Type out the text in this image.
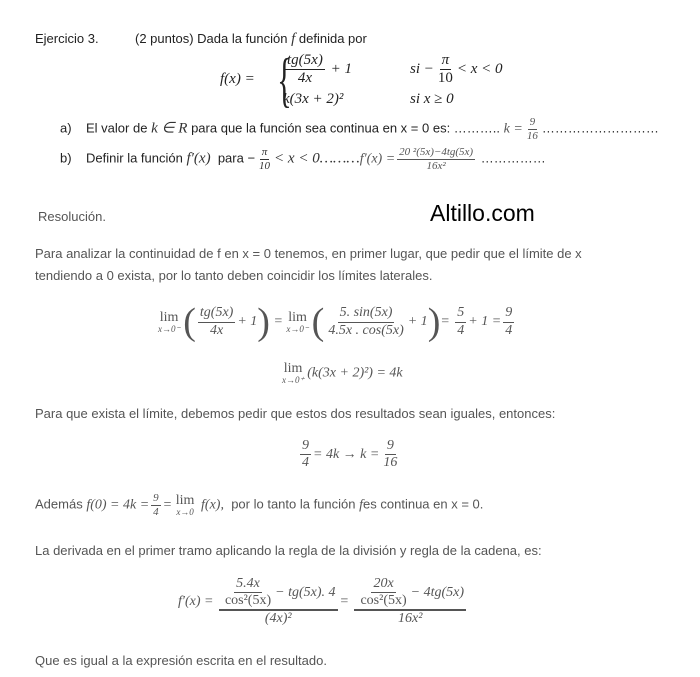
Ejercicio 3.	(2 puntos) Dada la función f definida por
f(x) = {
$\frac{tg(5x)}{4x} + 1$	si − $\frac{\pi}{10} < x < 0$
k(3x + 2)²	si x ≥ 0
a) El valor de k ∈ R para que la función sea continua en x = 0 es: ……….. $k = \frac{9}{16}$ ………………………
b) Definir la función f′(x) para − $\frac{\pi}{10} < x$ < 0………f′(x) = $\frac{\text{20 ²(5x)−4tg(5x)}}{\text{16x²}}$ ……………
Resolución.	Altillo.com
Para analizar la continuidad de f en x = 0 tenemos, en primer lugar, que pedir que el límite de x
tendiendo a 0 exista, por lo tanto deben coincidir los límites laterales.
lim
x→0⁻ ( $\frac{tg(5x)}{4x} + 1) = \lim$
x→0⁻ ( $\frac{5. \sin(5x)}{4.5x . \cos(5x)} + 1)= \frac{5}{4} + 1 = \frac{9}{4}$
lim
x→0⁺ (k(3x + 2)²) = 4k
Para que exista el límite, debemos pedir que estos dos resultados sean iguales, entonces:
$\frac{9}{4} = 4k \to k = \frac{9}{16}$
Además $f(0) = 4k = \frac{9}{4} = \lim$
x→0 f(x), por lo tanto la función fes continua en x = 0.
La derivada en el primer tramo aplicando la regla de la división y regla de la cadena, es:
$f'(x) = \frac{\frac{5.4x}{\text{cos²(5x)}} - tg(5x). 4}{\text{(4x)²}} = \frac{\frac{20x}{\text{cos²(5x)}} - 4tg(5x)}{\text{16x²}}$
Que es igual a la expresión escrita en el resultado.
